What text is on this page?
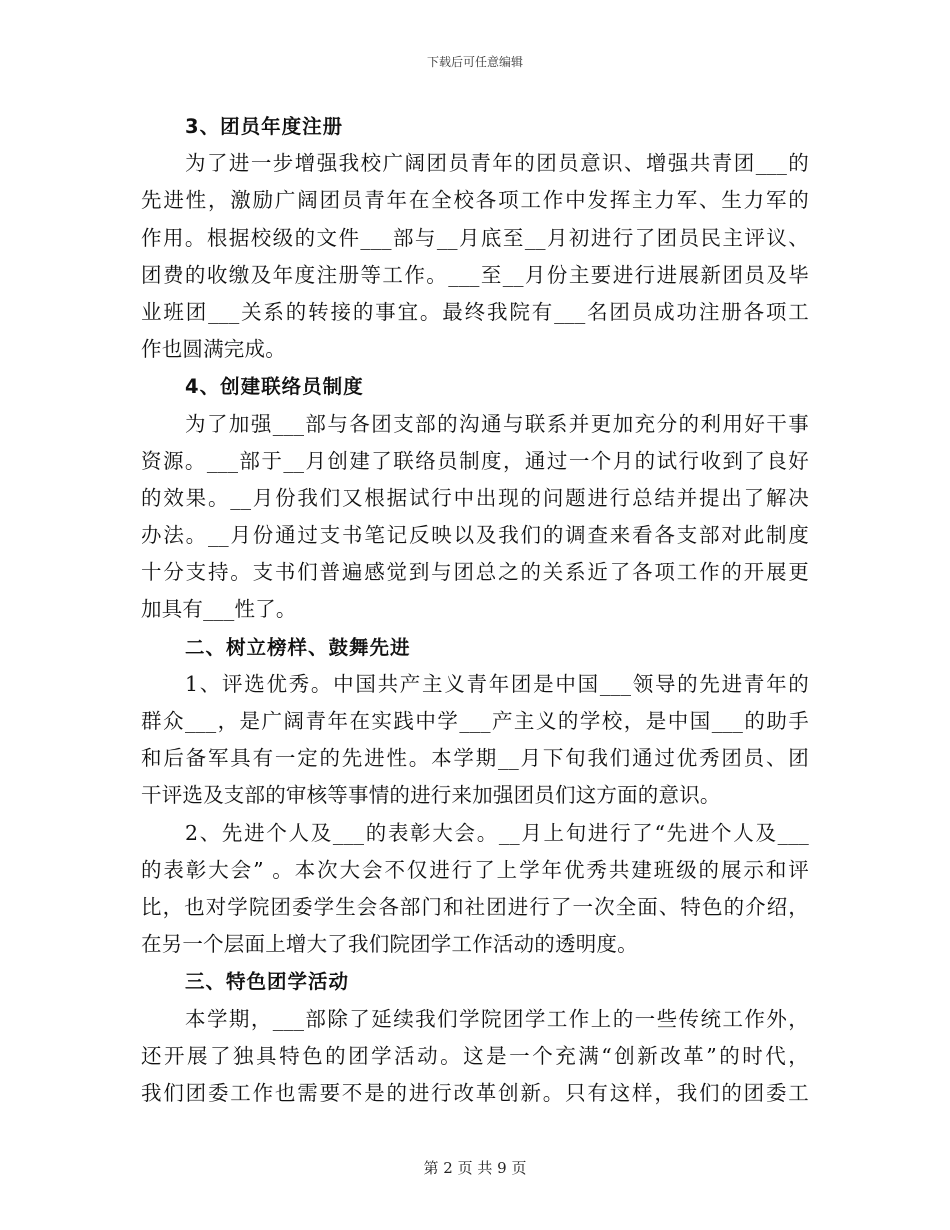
下载后可任意编辑
3、团员年度注册
为了进一步增强我校广阔团员青年的团员意识、增强共青团___的
先进性，激励广阔团员青年在全校各项工作中发挥主力军、生力军的
作用。根据校级的文件___部与__月底至__月初进行了团员民主评议、
团费的收缴及年度注册等工作。___至__月份主要进行进展新团员及毕
业班团___关系的转接的事宜。最终我院有___名团员成功注册各项工
作也圆满完成。
4、创建联络员制度
为了加强___部与各团支部的沟通与联系并更加充分的利用好干事
资源。___部于__月创建了联络员制度，通过一个月的试行收到了良好
的效果。__月份我们又根据试行中出现的问题进行总结并提出了解决
办法。__月份通过支书笔记反映以及我们的调查来看各支部对此制度
十分支持。支书们普遍感觉到与团总之的关系近了各项工作的开展更
加具有___性了。
二、树立榜样、鼓舞先进
1、评选优秀。中国共产主义青年团是中国___领导的先进青年的
群众___，是广阔青年在实践中学___产主义的学校，是中国___的助手
和后备军具有一定的先进性。本学期__月下旬我们通过优秀团员、团
干评选及支部的审核等事情的进行来加强团员们这方面的意识。
2、先进个人及___的表彰大会。__月上旬进行了“先进个人及___
的表彰大会” 。本次大会不仅进行了上学年优秀共建班级的展示和评
比，也对学院团委学生会各部门和社团进行了一次全面、特色的介绍，
在另一个层面上增大了我们院团学工作活动的透明度。
三、特色团学活动
本学期，___部除了延续我们学院团学工作上的一些传统工作外，
还开展了独具特色的团学活动。这是一个充满“创新改革”的时代，
我们团委工作也需要不是的进行改革创新。只有这样，我们的团委工
第 2 页 共 9 页
